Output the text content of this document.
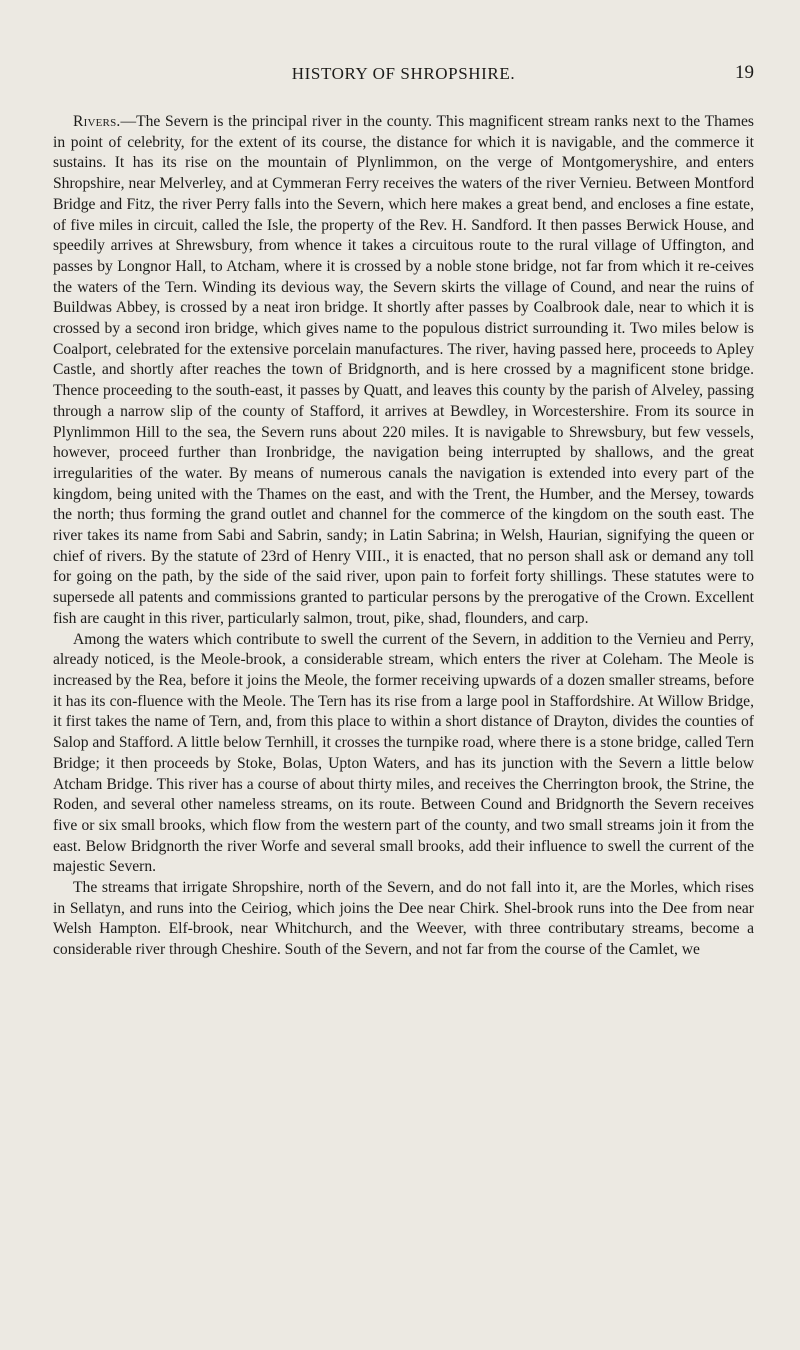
HISTORY OF SHROPSHIRE.	19

Rivers.—The Severn is the principal river in the county. This magnificent stream ranks next to the Thames in point of celebrity, for the extent of its course, the distance for which it is navigable, and the commerce it sustains. It has its rise on the mountain of Plynlimmon, on the verge of Montgomeryshire, and enters Shropshire, near Melverley, and at Cymmeran Ferry receives the waters of the river Vernieu. Between Montford Bridge and Fitz, the river Perry falls into the Severn, which here makes a great bend, and encloses a fine estate, of five miles in circuit, called the Isle, the property of the Rev. H. Sandford. It then passes Berwick House, and speedily arrives at Shrewsbury, from whence it takes a circuitous route to the rural village of Uffington, and passes by Longnor Hall, to Atcham, where it is crossed by a noble stone bridge, not far from which it re-ceives the waters of the Tern. Winding its devious way, the Severn skirts the village of Cound, and near the ruins of Buildwas Abbey, is crossed by a neat iron bridge. It shortly after passes by Coalbrook dale, near to which it is crossed by a second iron bridge, which gives name to the populous district surrounding it. Two miles below is Coalport, celebrated for the extensive porcelain manufactures. The river, having passed here, proceeds to Apley Castle, and shortly after reaches the town of Bridgnorth, and is here crossed by a magnificent stone bridge. Thence proceeding to the south-east, it passes by Quatt, and leaves this county by the parish of Alveley, passing through a narrow slip of the county of Stafford, it arrives at Bewdley, in Worcestershire. From its source in Plynlimmon Hill to the sea, the Severn runs about 220 miles. It is navigable to Shrewsbury, but few vessels, however, proceed further than Ironbridge, the navigation being interrupted by shallows, and the great irregularities of the water. By means of numerous canals the navigation is extended into every part of the kingdom, being united with the Thames on the east, and with the Trent, the Humber, and the Mersey, towards the north; thus forming the grand outlet and channel for the commerce of the kingdom on the south east. The river takes its name from Sabi and Sabrin, sandy; in Latin Sabrina; in Welsh, Haurian, signifying the queen or chief of rivers. By the statute of 23rd of Henry VIII., it is enacted, that no person shall ask or demand any toll for going on the path, by the side of the said river, upon pain to forfeit forty shillings. These statutes were to supersede all patents and commissions granted to particular persons by the prerogative of the Crown. Excellent fish are caught in this river, particularly salmon, trout, pike, shad, flounders, and carp.

Among the waters which contribute to swell the current of the Severn, in addition to the Vernieu and Perry, already noticed, is the Meole-brook, a considerable stream, which enters the river at Coleham. The Meole is increased by the Rea, before it joins the Meole, the former receiving upwards of a dozen smaller streams, before it has its con-fluence with the Meole. The Tern has its rise from a large pool in Staffordshire. At Willow Bridge, it first takes the name of Tern, and, from this place to within a short distance of Drayton, divides the counties of Salop and Stafford. A little below Ternhill, it crosses the turnpike road, where there is a stone bridge, called Tern Bridge; it then proceeds by Stoke, Bolas, Upton Waters, and has its junction with the Severn a little below Atcham Bridge. This river has a course of about thirty miles, and receives the Cherrington brook, the Strine, the Roden, and several other nameless streams, on its route. Between Cound and Bridgnorth the Severn receives five or six small brooks, which flow from the western part of the county, and two small streams join it from the east. Below Bridgnorth the river Worfe and several small brooks, add their influence to swell the current of the majestic Severn.

The streams that irrigate Shropshire, north of the Severn, and do not fall into it, are the Morles, which rises in Sellatyn, and runs into the Ceiriog, which joins the Dee near Chirk. Shel-brook runs into the Dee from near Welsh Hampton. Elf-brook, near Whitchurch, and the Weever, with three contributary streams, become a considerable river through Cheshire. South of the Severn, and not far from the course of the Camlet, we
